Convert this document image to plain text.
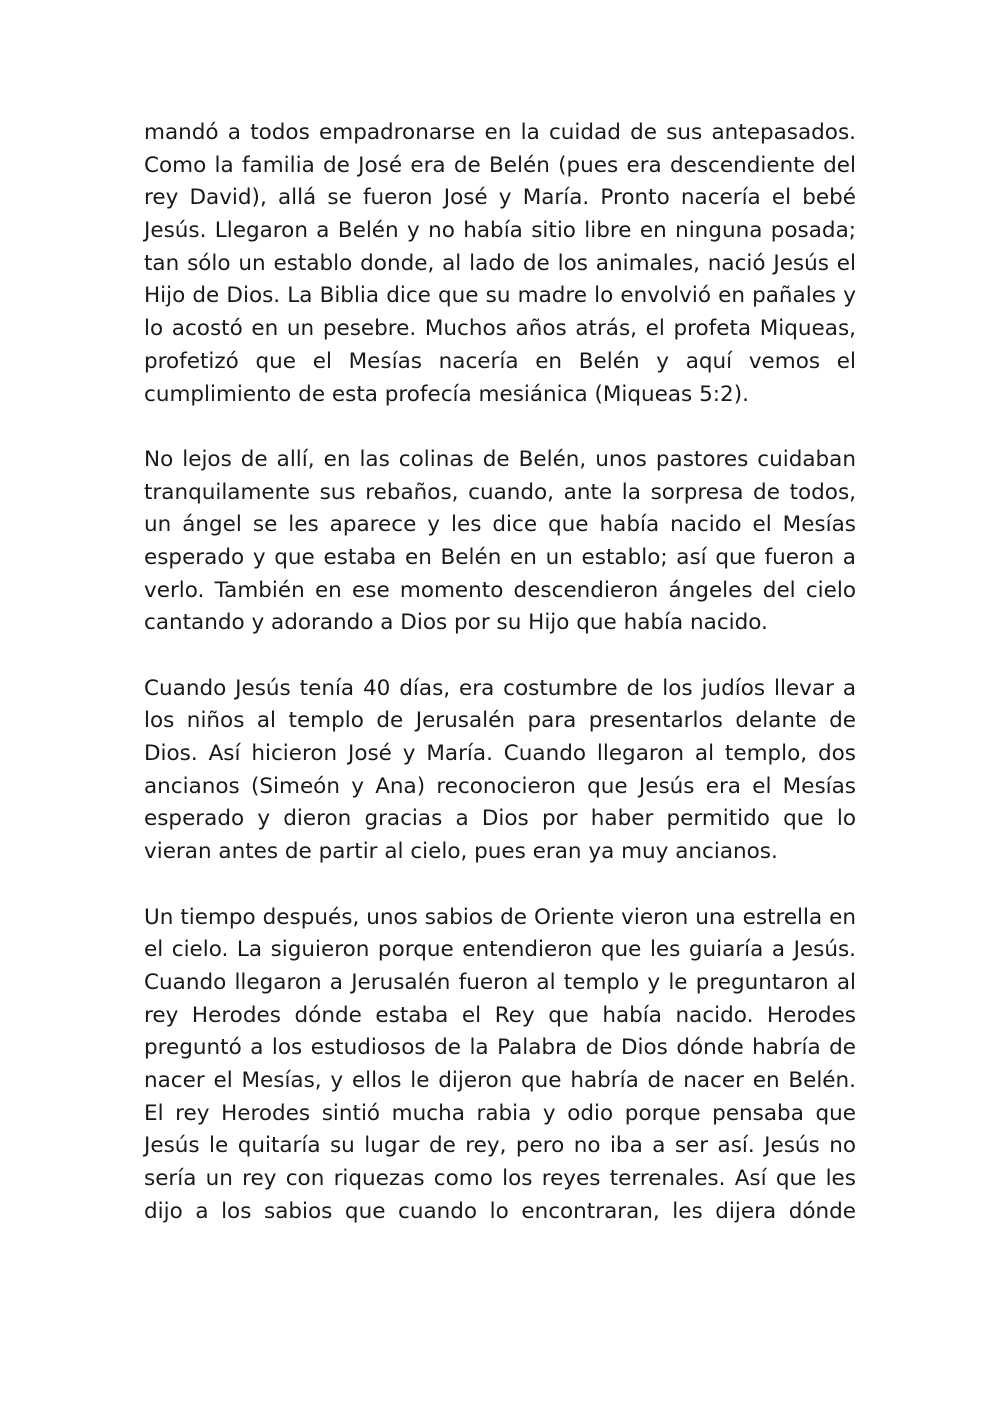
mandó a todos empadronarse en la cuidad de sus antepasados.
Como la familia de José era de Belén (pues era descendiente del
rey David), allá se fueron José y María. Pronto nacería el bebé
Jesús. Llegaron a Belén y no había sitio libre en ninguna posada;
tan sólo un establo donde, al lado de los animales, nació Jesús el
Hijo de Dios. La Biblia dice que su madre lo envolvió en pañales y
lo acostó en un pesebre. Muchos años atrás, el profeta Miqueas,
profetizó que el Mesías nacería en Belén y aquí vemos el
cumplimiento de esta profecía mesiánica (Miqueas 5:2).
No lejos de allí, en las colinas de Belén, unos pastores cuidaban
tranquilamente sus rebaños, cuando, ante la sorpresa de todos,
un ángel se les aparece y les dice que había nacido el Mesías
esperado y que estaba en Belén en un establo; así que fueron a
verlo. También en ese momento descendieron ángeles del cielo
cantando y adorando a Dios por su Hijo que había nacido.
Cuando Jesús tenía 40 días, era costumbre de los judíos llevar a
los niños al templo de Jerusalén para presentarlos delante de
Dios. Así hicieron José y María. Cuando llegaron al templo, dos
ancianos (Simeón y Ana) reconocieron que Jesús era el Mesías
esperado y dieron gracias a Dios por haber permitido que lo
vieran antes de partir al cielo, pues eran ya muy ancianos.
Un tiempo después, unos sabios de Oriente vieron una estrella en
el cielo. La siguieron porque entendieron que les guiaría a Jesús.
Cuando llegaron a Jerusalén fueron al templo y le preguntaron al
rey Herodes dónde estaba el Rey que había nacido. Herodes
preguntó a los estudiosos de la Palabra de Dios dónde habría de
nacer el Mesías, y ellos le dijeron que habría de nacer en Belén.
El rey Herodes sintió mucha rabia y odio porque pensaba que
Jesús le quitaría su lugar de rey, pero no iba a ser así. Jesús no
sería un rey con riquezas como los reyes terrenales. Así que les
dijo a los sabios que cuando lo encontraran, les dijera dónde
